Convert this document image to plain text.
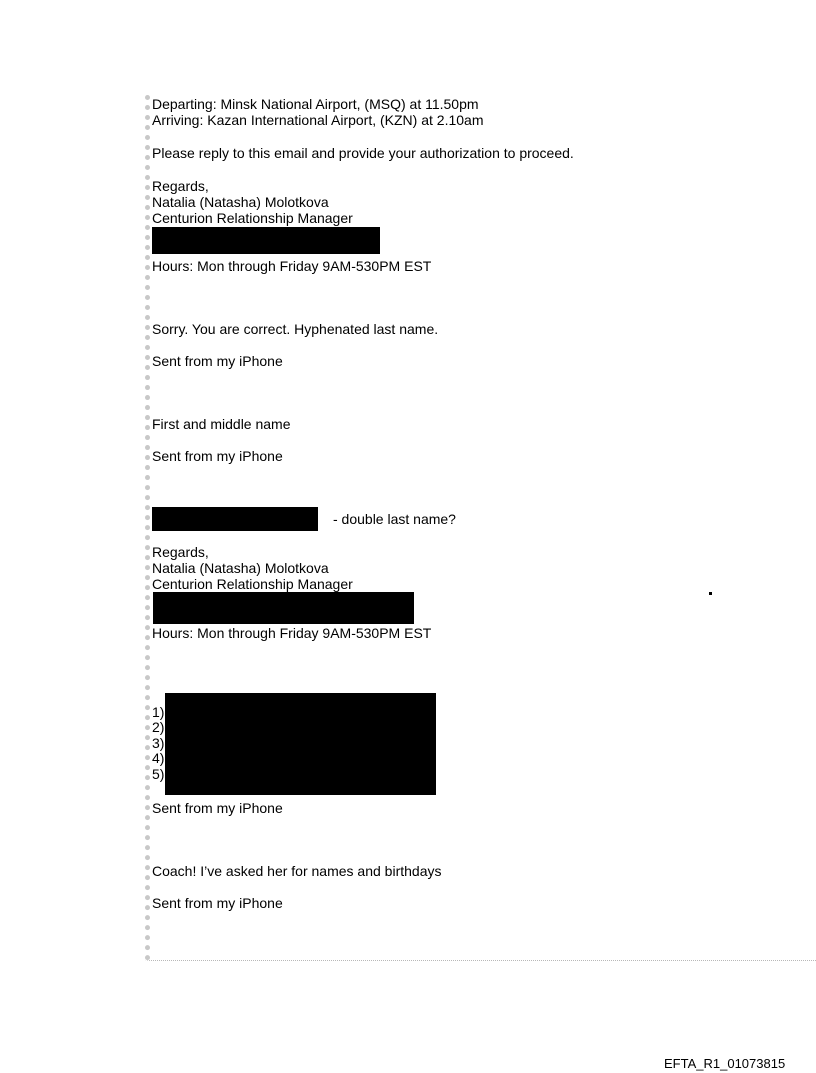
Departing: Minsk National Airport, (MSQ) at 11.50pm
Arriving: Kazan International Airport, (KZN) at 2.10am
Please reply to this email and provide your authorization to proceed.
Regards,
Natalia (Natasha) Molotkova
Centurion Relationship Manager
Hours: Mon through Friday 9AM-530PM EST
Sorry. You are correct. Hyphenated last name.
Sent from my iPhone
First and middle name
Sent from my iPhone
- double last name?
Regards,
Natalia (Natasha) Molotkova
Centurion Relationship Manager
Hours: Mon through Friday 9AM-530PM EST
1)
2)
3)
4)
5)
Sent from my iPhone
Coach! I’ve asked her for names and birthdays
Sent from my iPhone
EFTA_R1_01073815
